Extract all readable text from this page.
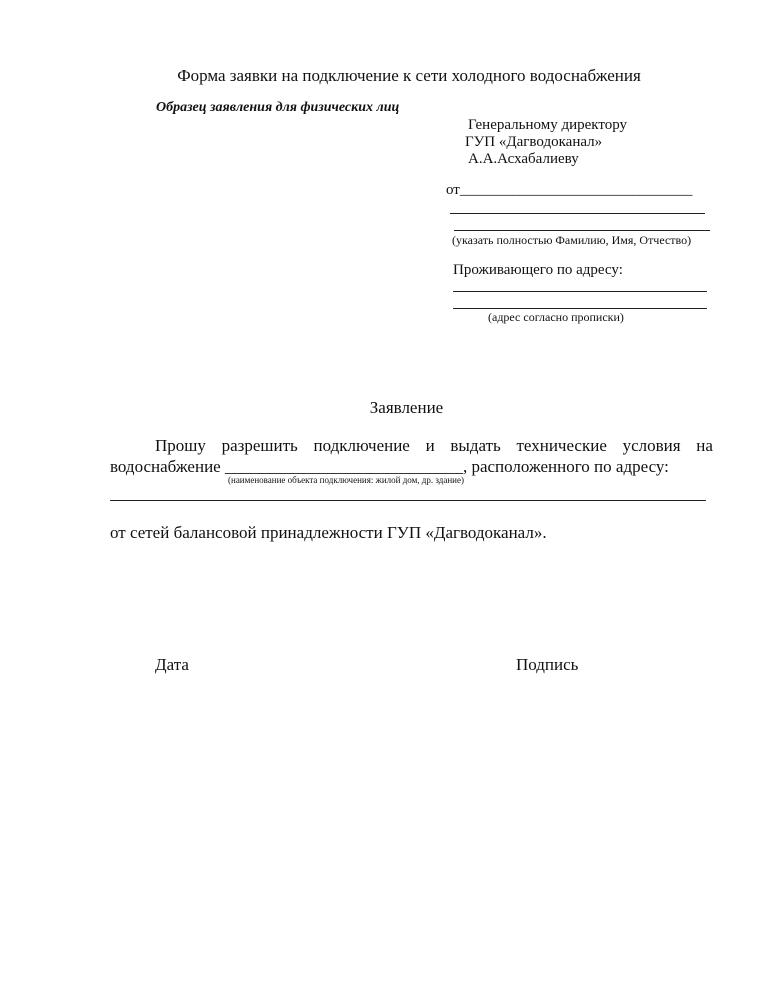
Форма заявки на подключение к сети холодного водоснабжения
Образец заявления для физических лиц
Генеральному директору
ГУП «Дагводоканал»
А.А.Асхабалиеву
от_______________________________
(указать полностью Фамилию, Имя, Отчество)
Проживающего по адресу:
(адрес согласно прописки)
Заявление
Прошу разрешить подключение и выдать технические условия на
водоснабжение ____________________________, расположенного по адресу:
(наименование объекта подключения: жилой дом, др. здание)
от сетей балансовой принадлежности ГУП «Дагводоканал».
Дата	Подпись
